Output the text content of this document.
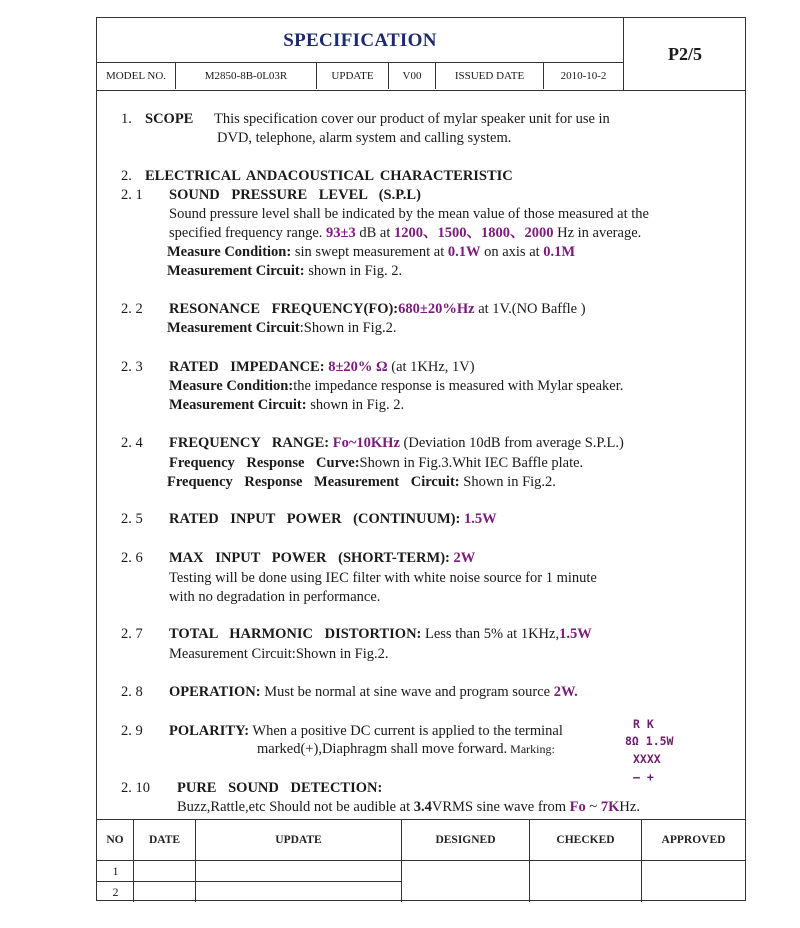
SPECIFICATION
P2/5
MODEL NO.	M2850-8B-0L03R	UPDATE	V00	ISSUED DATE	2010-10-2
1. SCOPE This specification cover our product of mylar speaker unit for use in
DVD, telephone, alarm system and calling system.
2. ELECTRICAL ANDACOUSTICAL CHARACTERISTIC
2. 1 SOUND PRESSURE LEVEL (S.P.L)
Sound pressure level shall be indicated by the mean value of those measured at the
specified frequency range. 93±3 dB at 1200、1500、1800、2000 Hz in average.
Measure Condition: sin swept measurement at 0.1W on axis at 0.1M
Measurement Circuit: shown in Fig. 2.
2. 2 RESONANCE FREQUENCY(FO):680±20%Hz at 1V.(NO Baffle )
Measurement Circuit:Shown in Fig.2.
2. 3 RATED IMPEDANCE: 8±20% Ω (at 1KHz, 1V)
Measure Condition:the impedance response is measured with Mylar speaker.
Measurement Circuit: shown in Fig. 2.
2. 4 FREQUENCY RANGE: Fo~10KHz (Deviation 10dB from average S.P.L.)
Frequency Response Curve:Shown in Fig.3.Whit IEC Baffle plate.
Frequency Response Measurement Circuit: Shown in Fig.2.
2. 5 RATED INPUT POWER (CONTINUUM): 1.5W
2. 6 MAX INPUT POWER (SHORT-TERM): 2W
Testing will be done using IEC filter with white noise source for 1 minute
with no degradation in performance.
2. 7 TOTAL HARMONIC DISTORTION: Less than 5% at 1KHz,1.5W
Measurement Circuit:Shown in Fig.2.
2. 8 OPERATION: Must be normal at sine wave and program source 2W.
2. 9 POLARITY: When a positive DC current is applied to the terminal
marked(+),Diaphragm shall move forward. Marking:
R K
8Ω 1.5W
XXXX
– +
2. 10 PURE SOUND DETECTION:
Buzz,Rattle,etc Should not be audible at 3.4VRMS sine wave from Fo ~ 7KHz.
NO	DATE	UPDATE	DESIGNED	CHECKED	APPROVED
1
2
